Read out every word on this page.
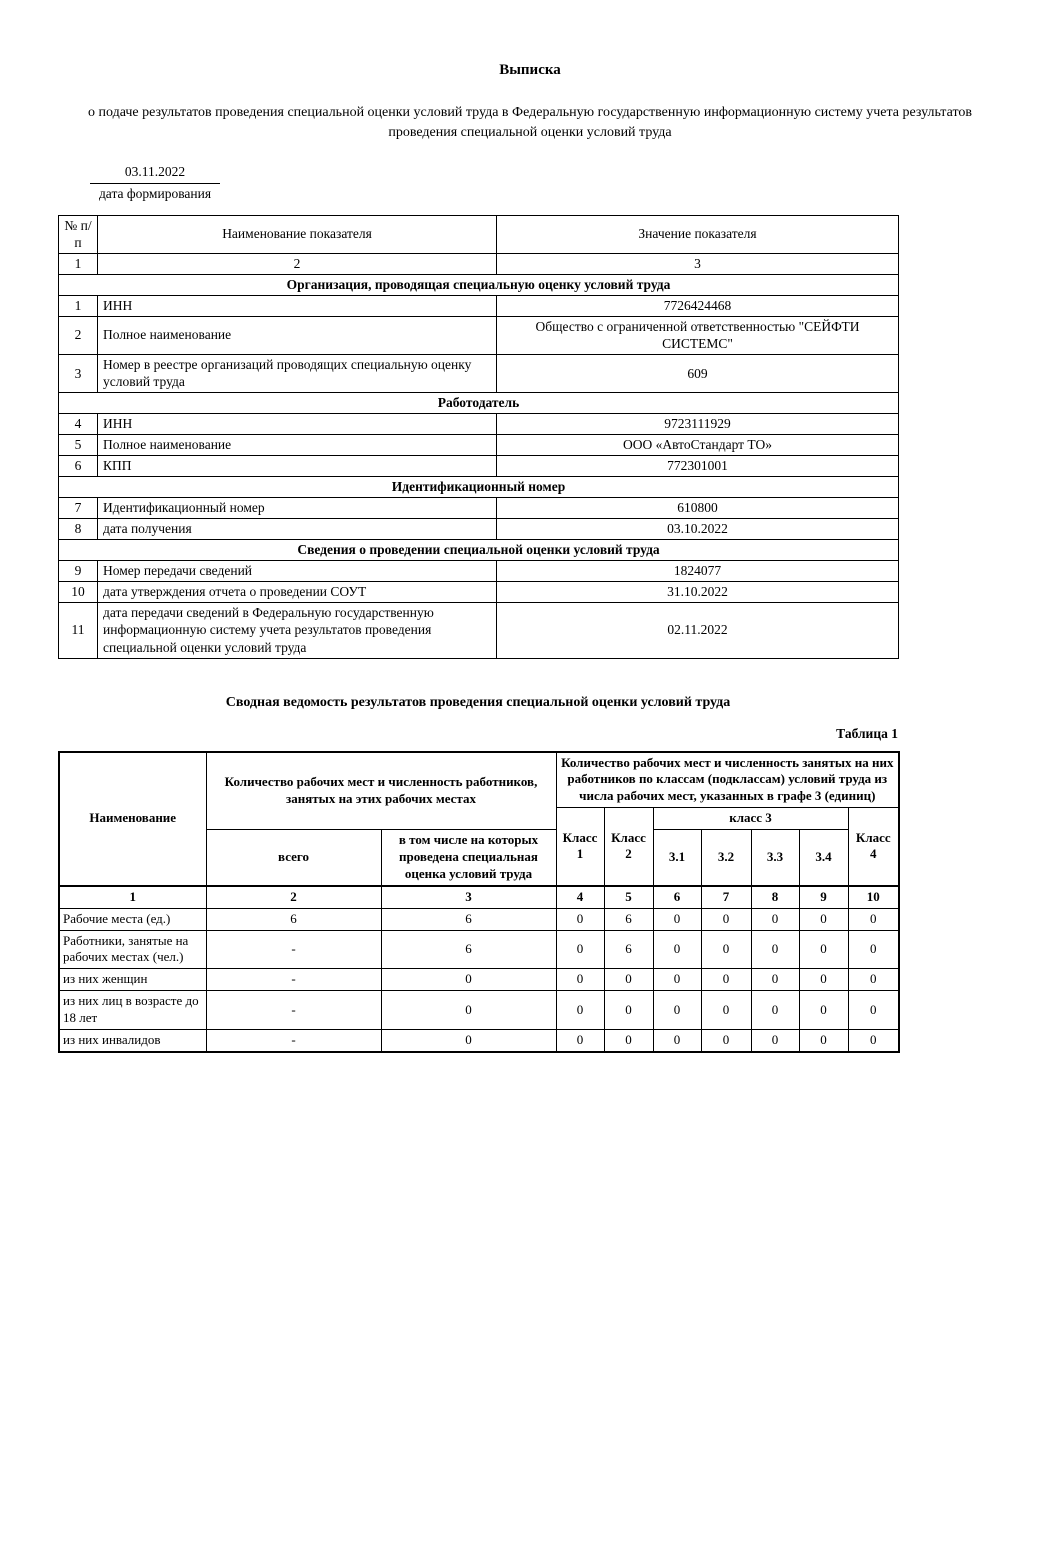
Выписка
о подаче результатов проведения специальной оценки условий труда в Федеральную государственную информационную систему учета результатов проведения специальной оценки условий труда
03.11.2022
дата формирования
№ п/п	Наименование показателя	Значение показателя
1	2	3
Организация, проводящая специальную оценку условий труда		
1	ИНН	7726424468
2	Полное наименование	Общество с ограниченной ответственностью "СЕЙФТИ СИСТЕМС"
3	Номер в реестре организаций проводящих специальную оценку условий труда	609
Работодатель		
4	ИНН	9723111929
5	Полное наименование	ООО «АвтоСтандарт ТО»
6	КПП	772301001
Идентификационный номер		
7	Идентификационный номер	610800
8	дата получения	03.10.2022
Сведения о проведении специальной оценки условий труда		
9	Номер передачи сведений	1824077
10	дата утверждения отчета о проведении СОУТ	31.10.2022
11	дата передачи сведений в Федеральную государственную информационную систему учета результатов проведения специальной оценки условий труда	02.11.2022
Сводная ведомость результатов проведения специальной оценки условий труда
Таблица 1
Наименование	Количество рабочих мест и численность работников, занятых на этих рабочих местах		Количество рабочих мест и численность занятых на них работников по классам (подклассам) условий труда из числа рабочих мест, указанных в графе 3 (единиц)						
			Класс 1	Класс 2	класс 3				Класс 4
	всего	в том числе на которых проведена специальная оценка условий труда			3.1	3.2	3.3	3.4	
1	2	3	4	5	6	7	8	9	10
Рабочие места (ед.)	6	6	0	6	0	0	0	0	0
Работники, занятые на рабочих местах (чел.)	-	6	0	6	0	0	0	0	0
из них женщин	-	0	0	0	0	0	0	0	0
из них лиц в возрасте до 18 лет	-	0	0	0	0	0	0	0	0
из них инвалидов	-	0	0	0	0	0	0	0	0
